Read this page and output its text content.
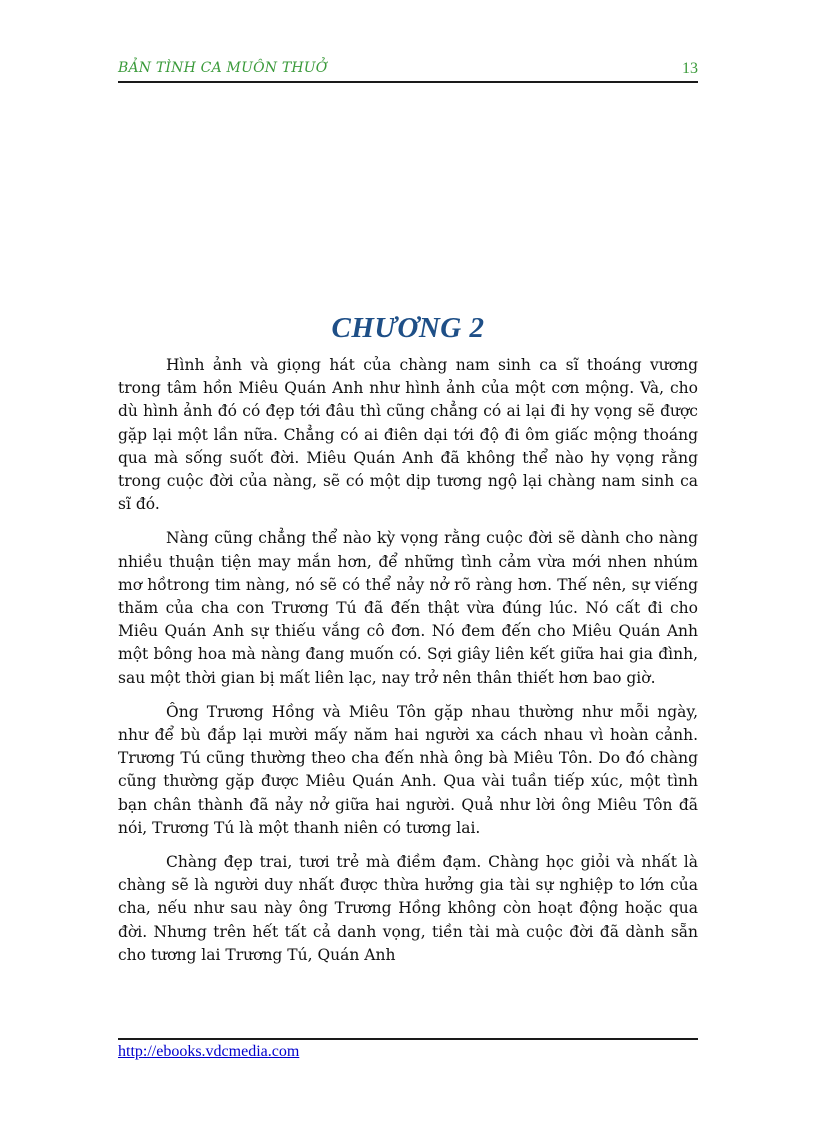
BẢN TÌNH CA MUÔN THUỞ	13
CHƯƠNG 2

Hình ảnh và giọng hát của chàng nam sinh ca sĩ thoáng vương trong tâm hồn Miêu Quán Anh như hình ảnh của một cơn mộng. Và, cho dù hình ảnh đó có đẹp tới đâu thì cũng chẳng có ai lại đi hy vọng sẽ được gặp lại một lần nữa. Chẳng có ai điên dại tới độ đi ôm giấc mộng thoáng qua mà sống suốt đời. Miêu Quán Anh đã không thể nào hy vọng rằng trong cuộc đời của nàng, sẽ có một dịp tương ngộ lại chàng nam sinh ca sĩ đó.

Nàng cũng chẳng thể nào kỳ vọng rằng cuộc đời sẽ dành cho nàng nhiều thuận tiện may mắn hơn, để những tình cảm vừa mới nhen nhúm mơ hồtrong tim nàng, nó sẽ có thể nảy nở rõ ràng hơn. Thế nên, sự viếng thăm của cha con Trương Tú đã đến thật vừa đúng lúc. Nó cất đi cho Miêu Quán Anh sự thiếu vắng cô đơn. Nó đem đến cho Miêu Quán Anh một bông hoa mà nàng đang muốn có. Sợi giây liên kết giữa hai gia đình, sau một thời gian bị mất liên lạc, nay trở nên thân thiết hơn bao giờ.

Ông Trương Hồng và Miêu Tôn gặp nhau thường như mỗi ngày, như để bù đắp lại mười mấy năm hai người xa cách nhau vì hoàn cảnh. Trương Tú cũng thường theo cha đến nhà ông bà Miêu Tôn. Do đó chàng cũng thường gặp được Miêu Quán Anh. Qua vài tuần tiếp xúc, một tình bạn chân thành đã nảy nở giữa hai người. Quả như lời ông Miêu Tôn đã nói, Trương Tú là một thanh niên có tương lai.

Chàng đẹp trai, tươi trẻ mà điềm đạm. Chàng học giỏi và nhất là chàng sẽ là người duy nhất được thừa hưởng gia tài sự nghiệp to lớn của cha, nếu như sau này ông Trương Hồng không còn hoạt động hoặc qua đời. Nhưng trên hết tất cả danh vọng, tiền tài mà cuộc đời đã dành sẵn cho tương lai Trương Tú, Quán Anh

http://ebooks.vdcmedia.com
